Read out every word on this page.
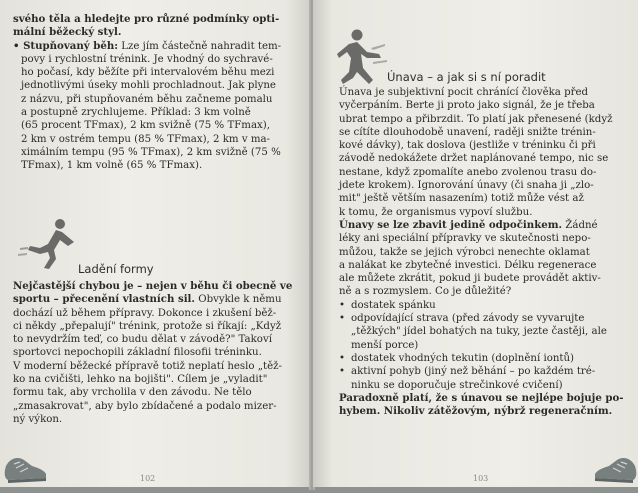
svého těla a hledejte pro různé podmínky opti-

mální běžecký styl.

• Stupňovaný běh: Lze jím částečně nahradit tem-

povy i rychlostní trénink. Je vhodný do sychravé-

ho počasí, kdy běžíte při intervalovém běhu mezi

jednotlivými úseky mohli prochladnout. Jak plyne

z názvu, při stupňovaném běhu začneme pomalu

a postupně zrychlujeme. Příklad: 3 km volně

(65 procent TFmax), 2 km svižně (75 % TFmax),

2 km v ostrém tempu (85 % TFmax), 2 km v ma-

ximálním tempu (95 % TFmax), 2 km svižně (75 %

TFmax), 1 km volně (65 % TFmax).

Ladění formy

Nejčastější chybou je – nejen v běhu či obecně ve

sportu – přecenění vlastních sil. Obvykle k němu

dochází už během přípravy. Dokonce i zkušení běž-

ci někdy „přepalují" trénink, protože si říkají: „Když

to nevydržím teď, co budu dělat v závodě?" Takoví

sportovci nepochopili základní filosofii tréninku.

V moderní běžecké přípravě totiž neplatí heslo „těž-

ko na cvičišti, lehko na bojišti". Cílem je „vyladit"

formu tak, aby vrcholila v den závodu. Ne tělo

„zmasakrovat", aby bylo zbídačené a podalo mizer-

ný výkon.

102
Únava – a jak si s ní poradit

Únava je subjektivní pocit chránící člověka před

vyčerpáním. Berte ji proto jako signál, že je třeba

ubrat tempo a přibrzdit. To platí jak přenesené (když

se cítíte dlouhodobě unavení, raději snižte trénin-

kové dávky), tak doslova (jestliže v tréninku či při

závodě nedokážete držet naplánované tempo, nic se

nestane, když zpomalíte anebo zvolenou trasu do-

jdete krokem). Ignorování únavy (či snaha ji „zlo-

mit" ještě větším nasazením) totiž může vést až

k tomu, že organismus vypoví službu.

Únavy se lze zbavit jedině odpočinkem. Žádné

léky ani speciální přípravky ve skutečnosti nepo-

můžou, takže se jejich výrobci nenechte oklamat

a nalákat ke zbytečné investici. Délku regenerace

ale můžete zkrátit, pokud ji budete provádět aktiv-

ně a s rozmyslem. Co je důležité?

• dostatek spánku
• odpovídající strava (před závody se vyvarujte
„těžkých" jídel bohatých na tuky, jezte častěji, ale
menší porce)
• dostatek vhodných tekutin (doplnění iontů)
• aktivní pohyb (jiný než běhání – po každém tré-
ninku se doporučuje strečinkové cvičení)

Paradoxně platí, že s únavou se nejlépe bojuje po-

hybem. Nikoliv zátěžovým, nýbrž regeneračním.

103
